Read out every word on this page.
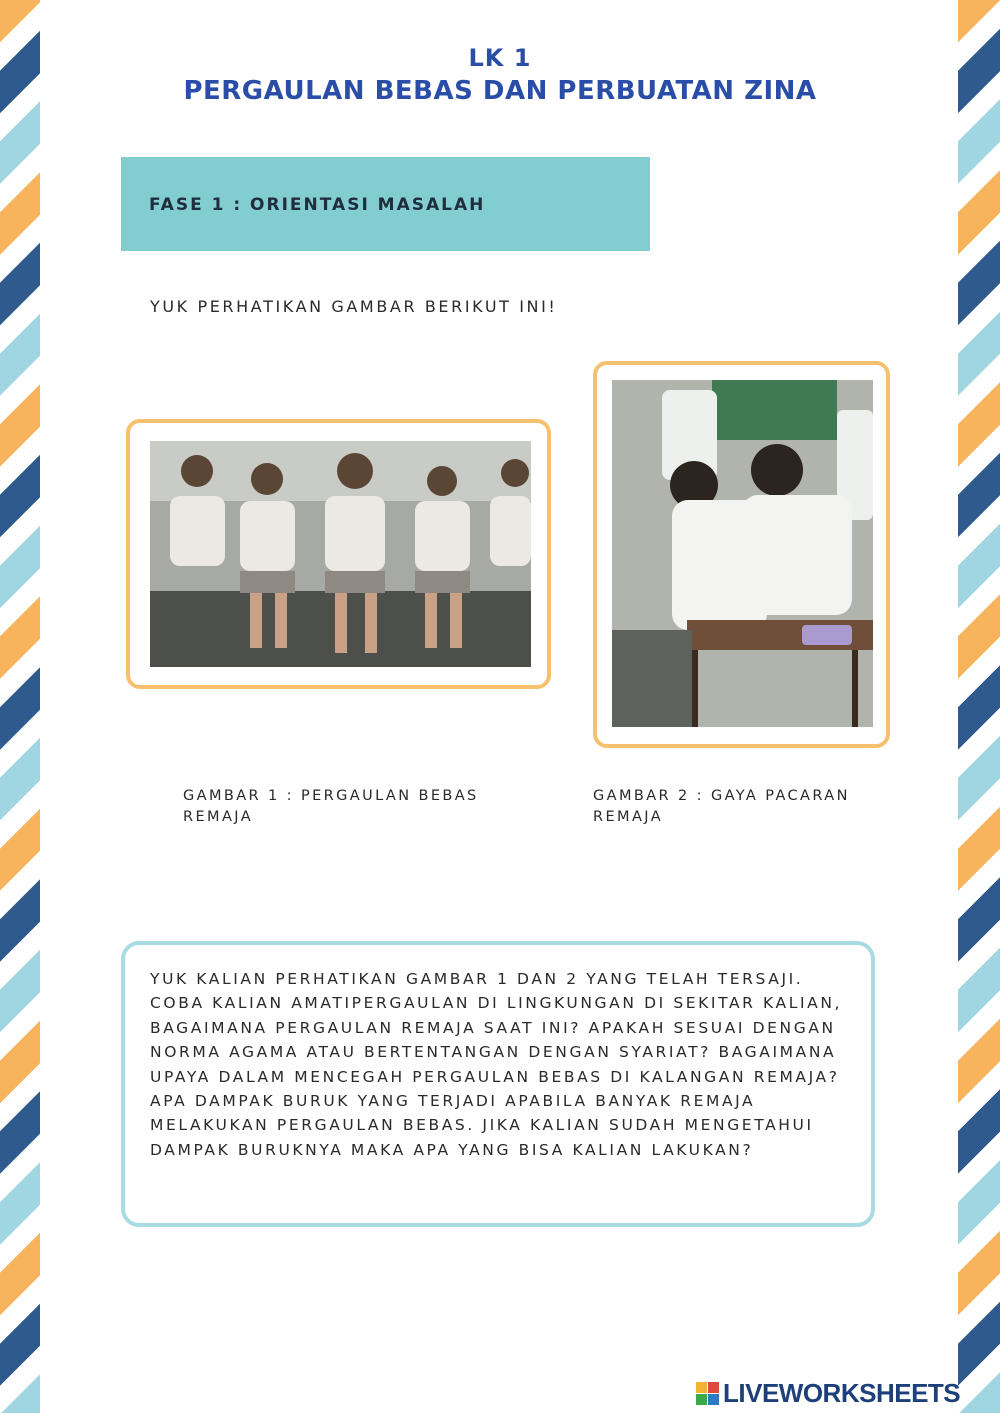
LK 1
PERGAULAN BEBAS DAN PERBUATAN ZINA
FASE 1 : ORIENTASI MASALAH
YUK PERHATIKAN GAMBAR BERIKUT INI!
GAMBAR 1 : PERGAULAN BEBAS REMAJA
GAMBAR 2 : GAYA PACARAN REMAJA
YUK KALIAN PERHATIKAN GAMBAR 1 DAN 2 YANG TELAH TERSAJI. COBA KALIAN AMATIPERGAULAN DI LINGKUNGAN DI SEKITAR KALIAN, BAGAIMANA PERGAULAN REMAJA SAAT INI? APAKAH SESUAI DENGAN NORMA AGAMA ATAU BERTENTANGAN DENGAN SYARIAT? BAGAIMANA UPAYA DALAM MENCEGAH PERGAULAN BEBAS DI KALANGAN REMAJA? APA DAMPAK BURUK YANG TERJADI APABILA BANYAK REMAJA MELAKUKAN PERGAULAN BEBAS. JIKA KALIAN SUDAH MENGETAHUI DAMPAK BURUKNYA MAKA APA YANG BISA KALIAN LAKUKAN?
LIVEWORKSHEETS
